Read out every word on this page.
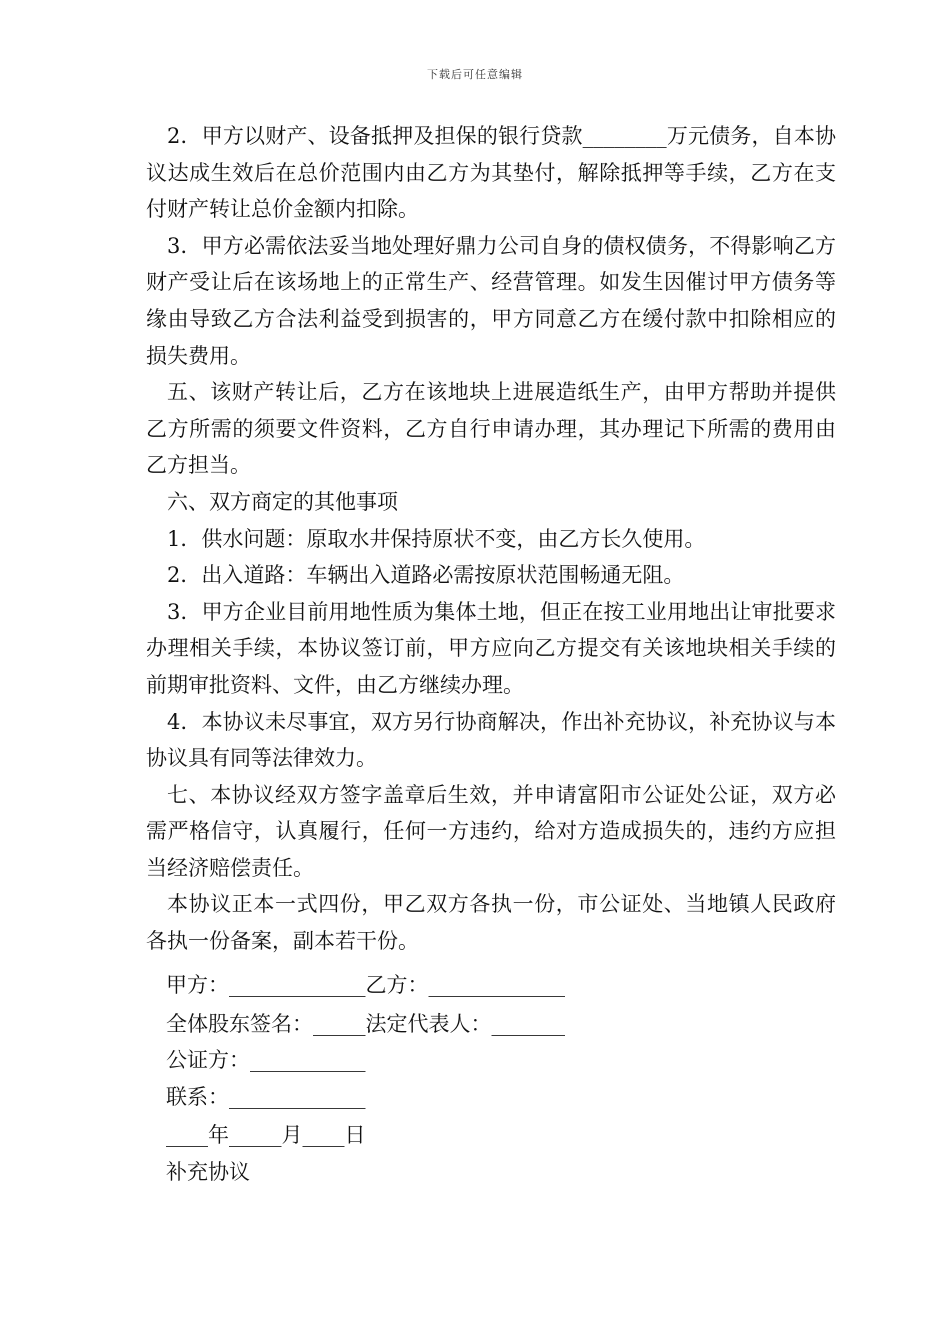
下载后可任意编辑

2．甲方以财产、设备抵押及担保的银行贷款________万元债务，自本协议达成生效后在总价范围内由乙方为其垫付，解除抵押等手续，乙方在支付财产转让总价金额内扣除。

3．甲方必需依法妥当地处理好鼎力公司自身的债权债务，不得影响乙方财产受让后在该场地上的正常生产、经营管理。如发生因催讨甲方债务等缘由导致乙方合法利益受到损害的，甲方同意乙方在缓付款中扣除相应的损失费用。

五、该财产转让后，乙方在该地块上进展造纸生产，由甲方帮助并提供乙方所需的须要文件资料，乙方自行申请办理，其办理记下所需的费用由乙方担当。

六、双方商定的其他事项

1．供水问题：原取水井保持原状不变，由乙方长久使用。

2．出入道路：车辆出入道路必需按原状范围畅通无阻。

3．甲方企业目前用地性质为集体土地，但正在按工业用地出让审批要求办理相关手续，本协议签订前，甲方应向乙方提交有关该地块相关手续的前期审批资料、文件，由乙方继续办理。

4．本协议未尽事宜，双方另行协商解决，作出补充协议，补充协议与本协议具有同等法律效力。

七、本协议经双方签字盖章后生效，并申请富阳市公证处公证，双方必需严格信守，认真履行，任何一方违约，给对方造成损失的，违约方应担当经济赔偿责任。

本协议正本一式四份，甲乙双方各执一份，市公证处、当地镇人民政府各执一份备案，副本若干份。

甲方：_____________乙方：_____________
全体股东签名：_____法定代表人：_______
公证方：___________
联系：_____________
____年_____月____日
补充协议
